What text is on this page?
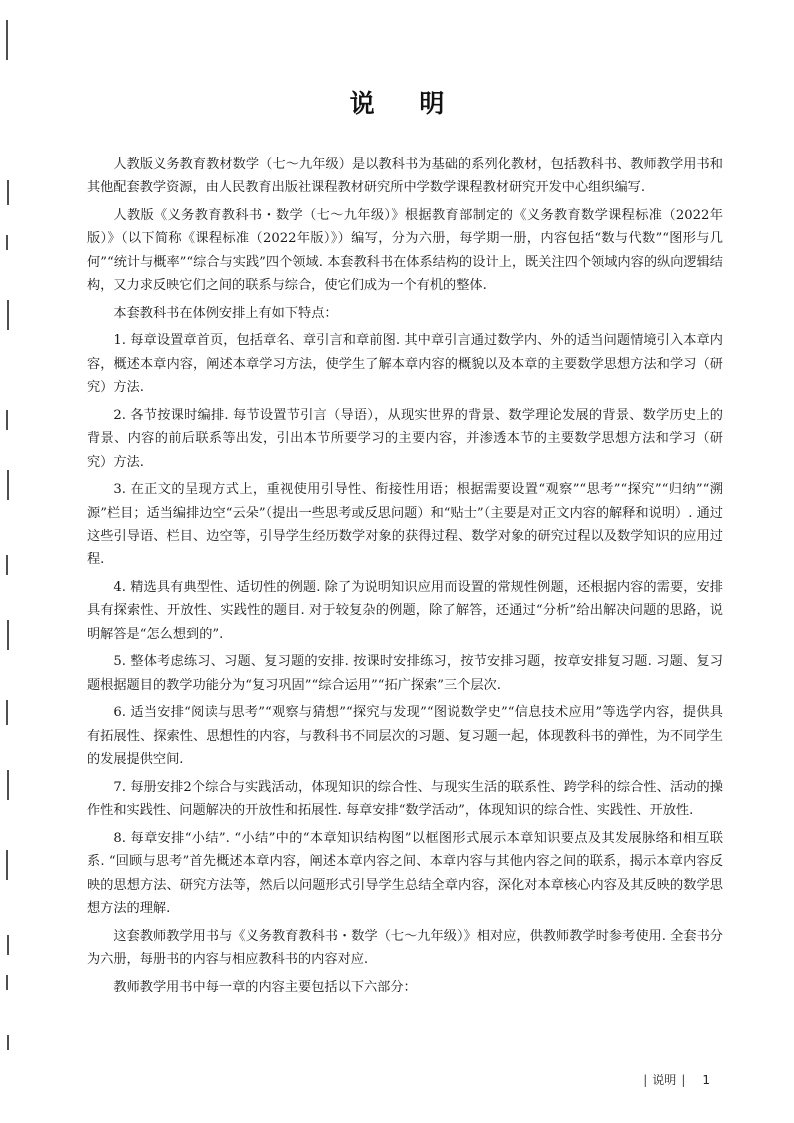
说 明

人教版义务教育教材数学（七～九年级）是以教科书为基础的系列化教材，包括教科书、教师教学用书和其他配套教学资源，由人民教育出版社课程教材研究所中学数学课程教材研究开发中心组织编写.

人教版《义务教育教科书・数学（七～九年级）》根据教育部制定的《义务教育数学课程标准（2022年版）》（以下简称《课程标准（2022年版）》）编写，分为六册，每学期一册，内容包括“数与代数”“图形与几何”“统计与概率”“综合与实践”四个领域. 本套教科书在体系结构的设计上，既关注四个领域内容的纵向逻辑结构，又力求反映它们之间的联系与综合，使它们成为一个有机的整体.

本套教科书在体例安排上有如下特点：

1. 每章设置章首页，包括章名、章引言和章前图. 其中章引言通过数学内、外的适当问题情境引入本章内容，概述本章内容，阐述本章学习方法，使学生了解本章内容的概貌以及本章的主要数学思想方法和学习（研究）方法.

2. 各节按课时编排. 每节设置节引言（导语），从现实世界的背景、数学理论发展的背景、数学历史上的背景、内容的前后联系等出发，引出本节所要学习的主要内容，并渗透本节的主要数学思想方法和学习（研究）方法.

3. 在正文的呈现方式上，重视使用引导性、衔接性用语；根据需要设置“观察”“思考”“探究”“归纳”“溯源”栏目；适当编排边空“云朵”（提出一些思考或反思问题）和“贴士”（主要是对正文内容的解释和说明）. 通过这些引导语、栏目、边空等，引导学生经历数学对象的获得过程、数学对象的研究过程以及数学知识的应用过程.

4. 精选具有典型性、适切性的例题. 除了为说明知识应用而设置的常规性例题，还根据内容的需要，安排具有探索性、开放性、实践性的题目. 对于较复杂的例题，除了解答，还通过“分析”给出解决问题的思路，说明解答是“怎么想到的”.

5. 整体考虑练习、习题、复习题的安排. 按课时安排练习，按节安排习题，按章安排复习题. 习题、复习题根据题目的教学功能分为“复习巩固”“综合运用”“拓广探索”三个层次.

6. 适当安排“阅读与思考”“观察与猜想”“探究与发现”“图说数学史”“信息技术应用”等选学内容，提供具有拓展性、探索性、思想性的内容，与教科书不同层次的习题、复习题一起，体现教科书的弹性，为不同学生的发展提供空间.

7. 每册安排2个综合与实践活动，体现知识的综合性、与现实生活的联系性、跨学科的综合性、活动的操作性和实践性、问题解决的开放性和拓展性. 每章安排“数学活动”，体现知识的综合性、实践性、开放性.

8. 每章安排“小结”. “小结”中的“本章知识结构图”以框图形式展示本章知识要点及其发展脉络和相互联系. “回顾与思考”首先概述本章内容，阐述本章内容之间、本章内容与其他内容之间的联系，揭示本章内容反映的思想方法、研究方法等，然后以问题形式引导学生总结全章内容，深化对本章核心内容及其反映的数学思想方法的理解.

这套教师教学用书与《义务教育教科书・数学（七～九年级）》相对应，供教师教学时参考使用. 全套书分为六册，每册书的内容与相应教科书的内容对应.

教师教学用书中每一章的内容主要包括以下六部分：

| 说明 | 1
